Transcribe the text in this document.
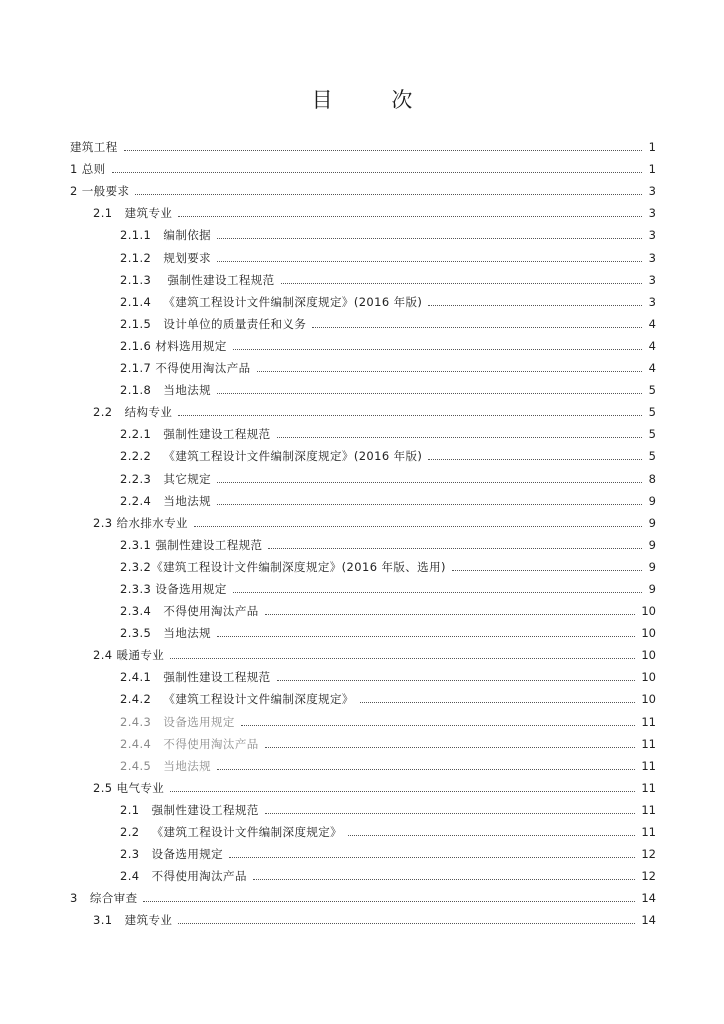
目 次
建筑工程	1
1 总则	1
2 一般要求	3
2.1   建筑专业	3
2.1.1   编制依据	3
2.1.2   规划要求	3
2.1.3    强制性建设工程规范	3
2.1.4   《建筑工程设计文件编制深度规定》(2016 年版)	3
2.1.5   设计单位的质量责任和义务	4
2.1.6 材料选用规定	4
2.1.7 不得使用淘汰产品	4
2.1.8   当地法规	5
2.2   结构专业	5
2.2.1   强制性建设工程规范	5
2.2.2   《建筑工程设计文件编制深度规定》(2016 年版)	5
2.2.3   其它规定	8
2.2.4   当地法规	9
2.3 给水排水专业	9
2.3.1 强制性建设工程规范	9
2.3.2《建筑工程设计文件编制深度规定》(2016 年版、选用)	9
2.3.3 设备选用规定	9
2.3.4   不得使用淘汰产品	10
2.3.5   当地法规	10
2.4 暖通专业	10
2.4.1   强制性建设工程规范	10
2.4.2   《建筑工程设计文件编制深度规定》	10
2.4.3   设备选用规定	11
2.4.4   不得使用淘汰产品	11
2.4.5   当地法规	11
2.5 电气专业	11
2.1   强制性建设工程规范	11
2.2   《建筑工程设计文件编制深度规定》	11
2.3   设备选用规定	12
2.4   不得使用淘汰产品	12
3   综合审查	14
3.1   建筑专业	14
